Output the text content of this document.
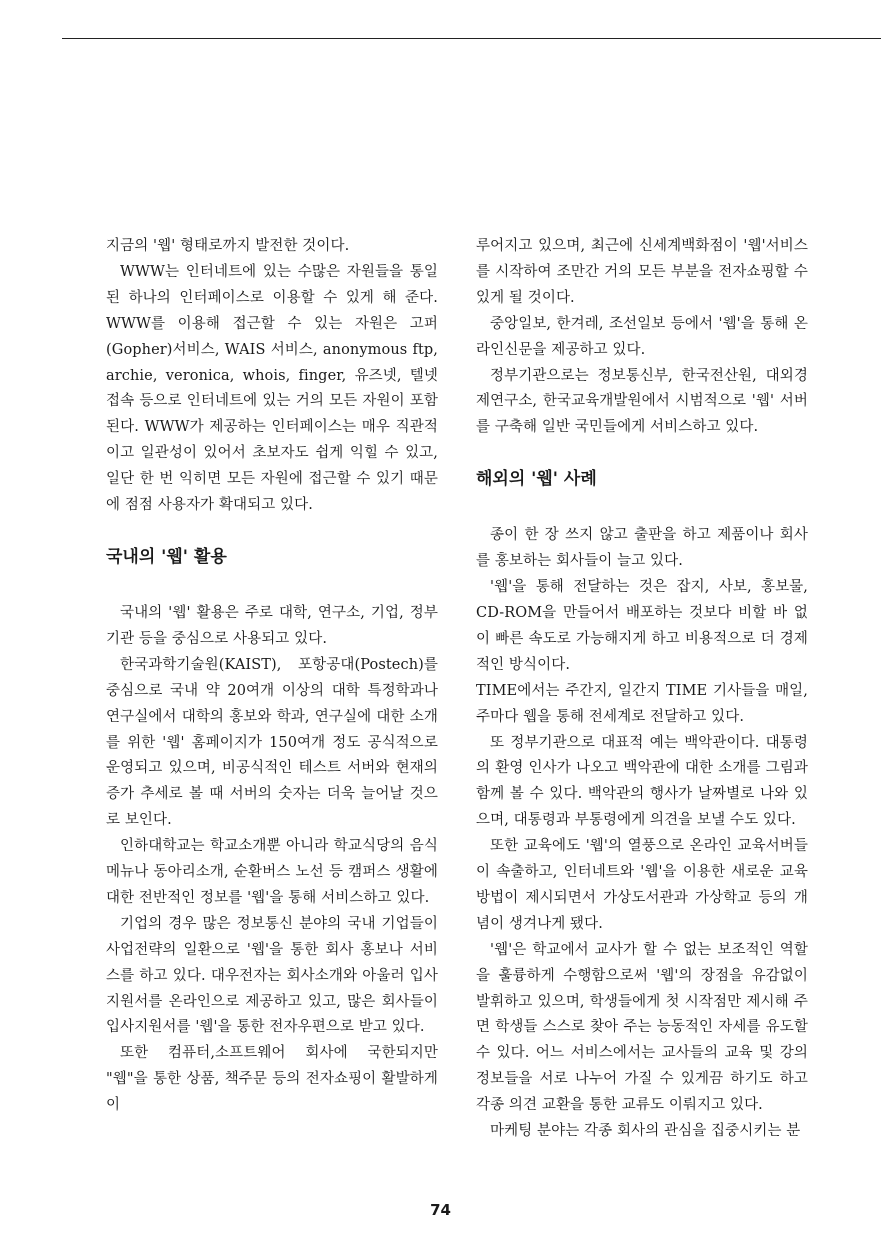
지금의 '웹' 형태로까지 발전한 것이다.

WWW는 인터네트에 있는 수많은 자원들을 통일된 하나의 인터페이스로 이용할 수 있게 해 준다. WWW를 이용해 접근할 수 있는 자원은 고퍼(Gopher)서비스, WAIS 서비스, anonymous ftp, archie, veronica, whois, finger, 유즈넷, 텔넷 접속 등으로 인터네트에 있는 거의 모든 자원이 포함된다. WWW가 제공하는 인터페이스는 매우 직관적이고 일관성이 있어서 초보자도 쉽게 익힐 수 있고, 일단 한 번 익히면 모든 자원에 접근할 수 있기 때문에 점점 사용자가 확대되고 있다.

국내의 '웹' 활용

국내의 '웹' 활용은 주로 대학, 연구소, 기업, 정부기관 등을 중심으로 사용되고 있다.

한국과학기술원(KAIST), 포항공대(Postech)를 중심으로 국내 약 20여개 이상의 대학 특정학과나 연구실에서 대학의 홍보와 학과, 연구실에 대한 소개를 위한 '웹' 홈페이지가 150여개 정도 공식적으로 운영되고 있으며, 비공식적인 테스트 서버와 현재의 증가 추세로 볼 때 서버의 숫자는 더욱 늘어날 것으로 보인다.

인하대학교는 학교소개뿐 아니라 학교식당의 음식메뉴나 동아리소개, 순환버스 노선 등 캠퍼스 생활에 대한 전반적인 정보를 '웹'을 통해 서비스하고 있다.

기업의 경우 많은 정보통신 분야의 국내 기업들이 사업전략의 일환으로 '웹'을 통한 회사 홍보나 서비스를 하고 있다. 대우전자는 회사소개와 아울러 입사지원서를 온라인으로 제공하고 있고, 많은 회사들이 입사지원서를 '웹'을 통한 전자우편으로 받고 있다.

또한 컴퓨터,소프트웨어 회사에 국한되지만 "웹"을 통한 상품, 책주문 등의 전자쇼핑이 활발하게 이

루어지고 있으며, 최근에 신세계백화점이 '웹'서비스를 시작하여 조만간 거의 모든 부분을 전자쇼핑할 수 있게 될 것이다.

중앙일보, 한겨레, 조선일보 등에서 '웹'을 통해 온라인신문을 제공하고 있다.

정부기관으로는 정보통신부, 한국전산원, 대외경제연구소, 한국교육개발원에서 시범적으로 '웹' 서버를 구축해 일반 국민들에게 서비스하고 있다.

해외의 '웹' 사례

종이 한 장 쓰지 않고 출판을 하고 제품이나 회사를 홍보하는 회사들이 늘고 있다.

'웹'을 통해 전달하는 것은 잡지, 사보, 홍보물, CD-ROM을 만들어서 배포하는 것보다 비할 바 없이 빠른 속도로 가능해지게 하고 비용적으로 더 경제적인 방식이다.

TIME에서는 주간지, 일간지 TIME 기사들을 매일, 주마다 웹을 통해 전세계로 전달하고 있다.

또 정부기관으로 대표적 예는 백악관이다. 대통령의 환영 인사가 나오고 백악관에 대한 소개를 그림과 함께 볼 수 있다. 백악관의 행사가 날짜별로 나와 있으며, 대통령과 부통령에게 의견을 보낼 수도 있다.

또한 교육에도 '웹'의 열풍으로 온라인 교육서버들이 속출하고, 인터네트와 '웹'을 이용한 새로운 교육방법이 제시되면서 가상도서관과 가상학교 등의 개념이 생겨나게 됐다.

'웹'은 학교에서 교사가 할 수 없는 보조적인 역할을 훌륭하게 수행함으로써 '웹'의 장점을 유감없이 발휘하고 있으며, 학생들에게 첫 시작점만 제시해 주면 학생들 스스로 찾아 주는 능동적인 자세를 유도할 수 있다. 어느 서비스에서는 교사들의 교육 및 강의 정보들을 서로 나누어 가질 수 있게끔 하기도 하고 각종 의견 교환을 통한 교류도 이뤄지고 있다.

마케팅 분야는 각종 회사의 관심을 집중시키는 분

74
